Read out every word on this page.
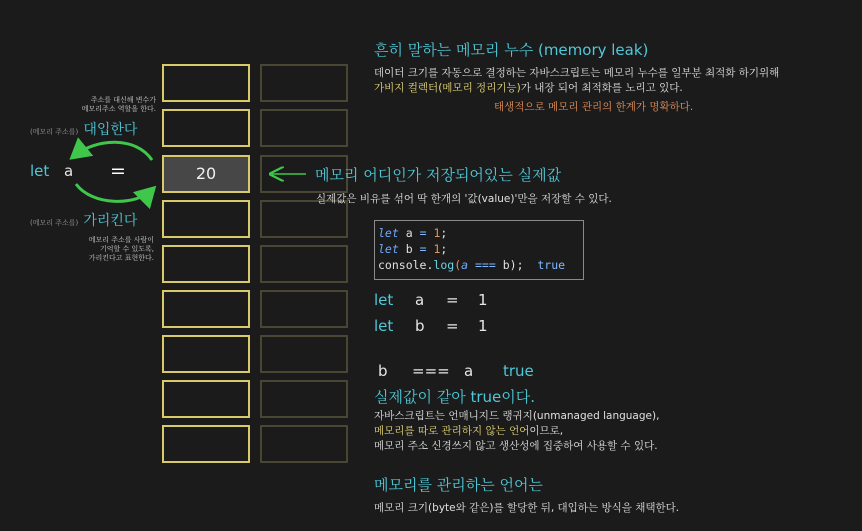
20
주소를 대신해 변수가
메모리주소 역할을 한다.
(메모리 주소를) 대입한다
let a =
(메모리 주소를) 가리킨다
메모리 주소를 사람이
기억할 수 있도록,
가리킨다고 표현한다.
메모리 어디인가 저장되어있는 실제값
실제값은 비유를 섞어 딱 한개의 '값(value)'만을 저장할 수 있다.
흔히 말하는 메모리 누수 (memory leak)
데이터 크기를 자동으로 결정하는 자바스크립트는 메모리 누수를 일부분 최적화 하기위해
가비지 컬렉터(메모리 정리기능)가 내장 되어 최적화를 노리고 있다.
태생적으로 메모리 관리의 한계가 명확하다.
let a = 1;
let b = 1;
console.log(a === b); true
let a = 1
let b = 1
b === a true
실제값이 같아 true이다.
자바스크립트는 언매니지드 랭귀지(unmanaged language),
메모리를 따로 관리하지 않는 언어이므로,
메모리 주소 신경쓰지 않고 생산성에 집중하여 사용할 수 있다.
메모리를 관리하는 언어는
메모리 크기(byte와 같은)를 할당한 뒤, 대입하는 방식을 채택한다.
